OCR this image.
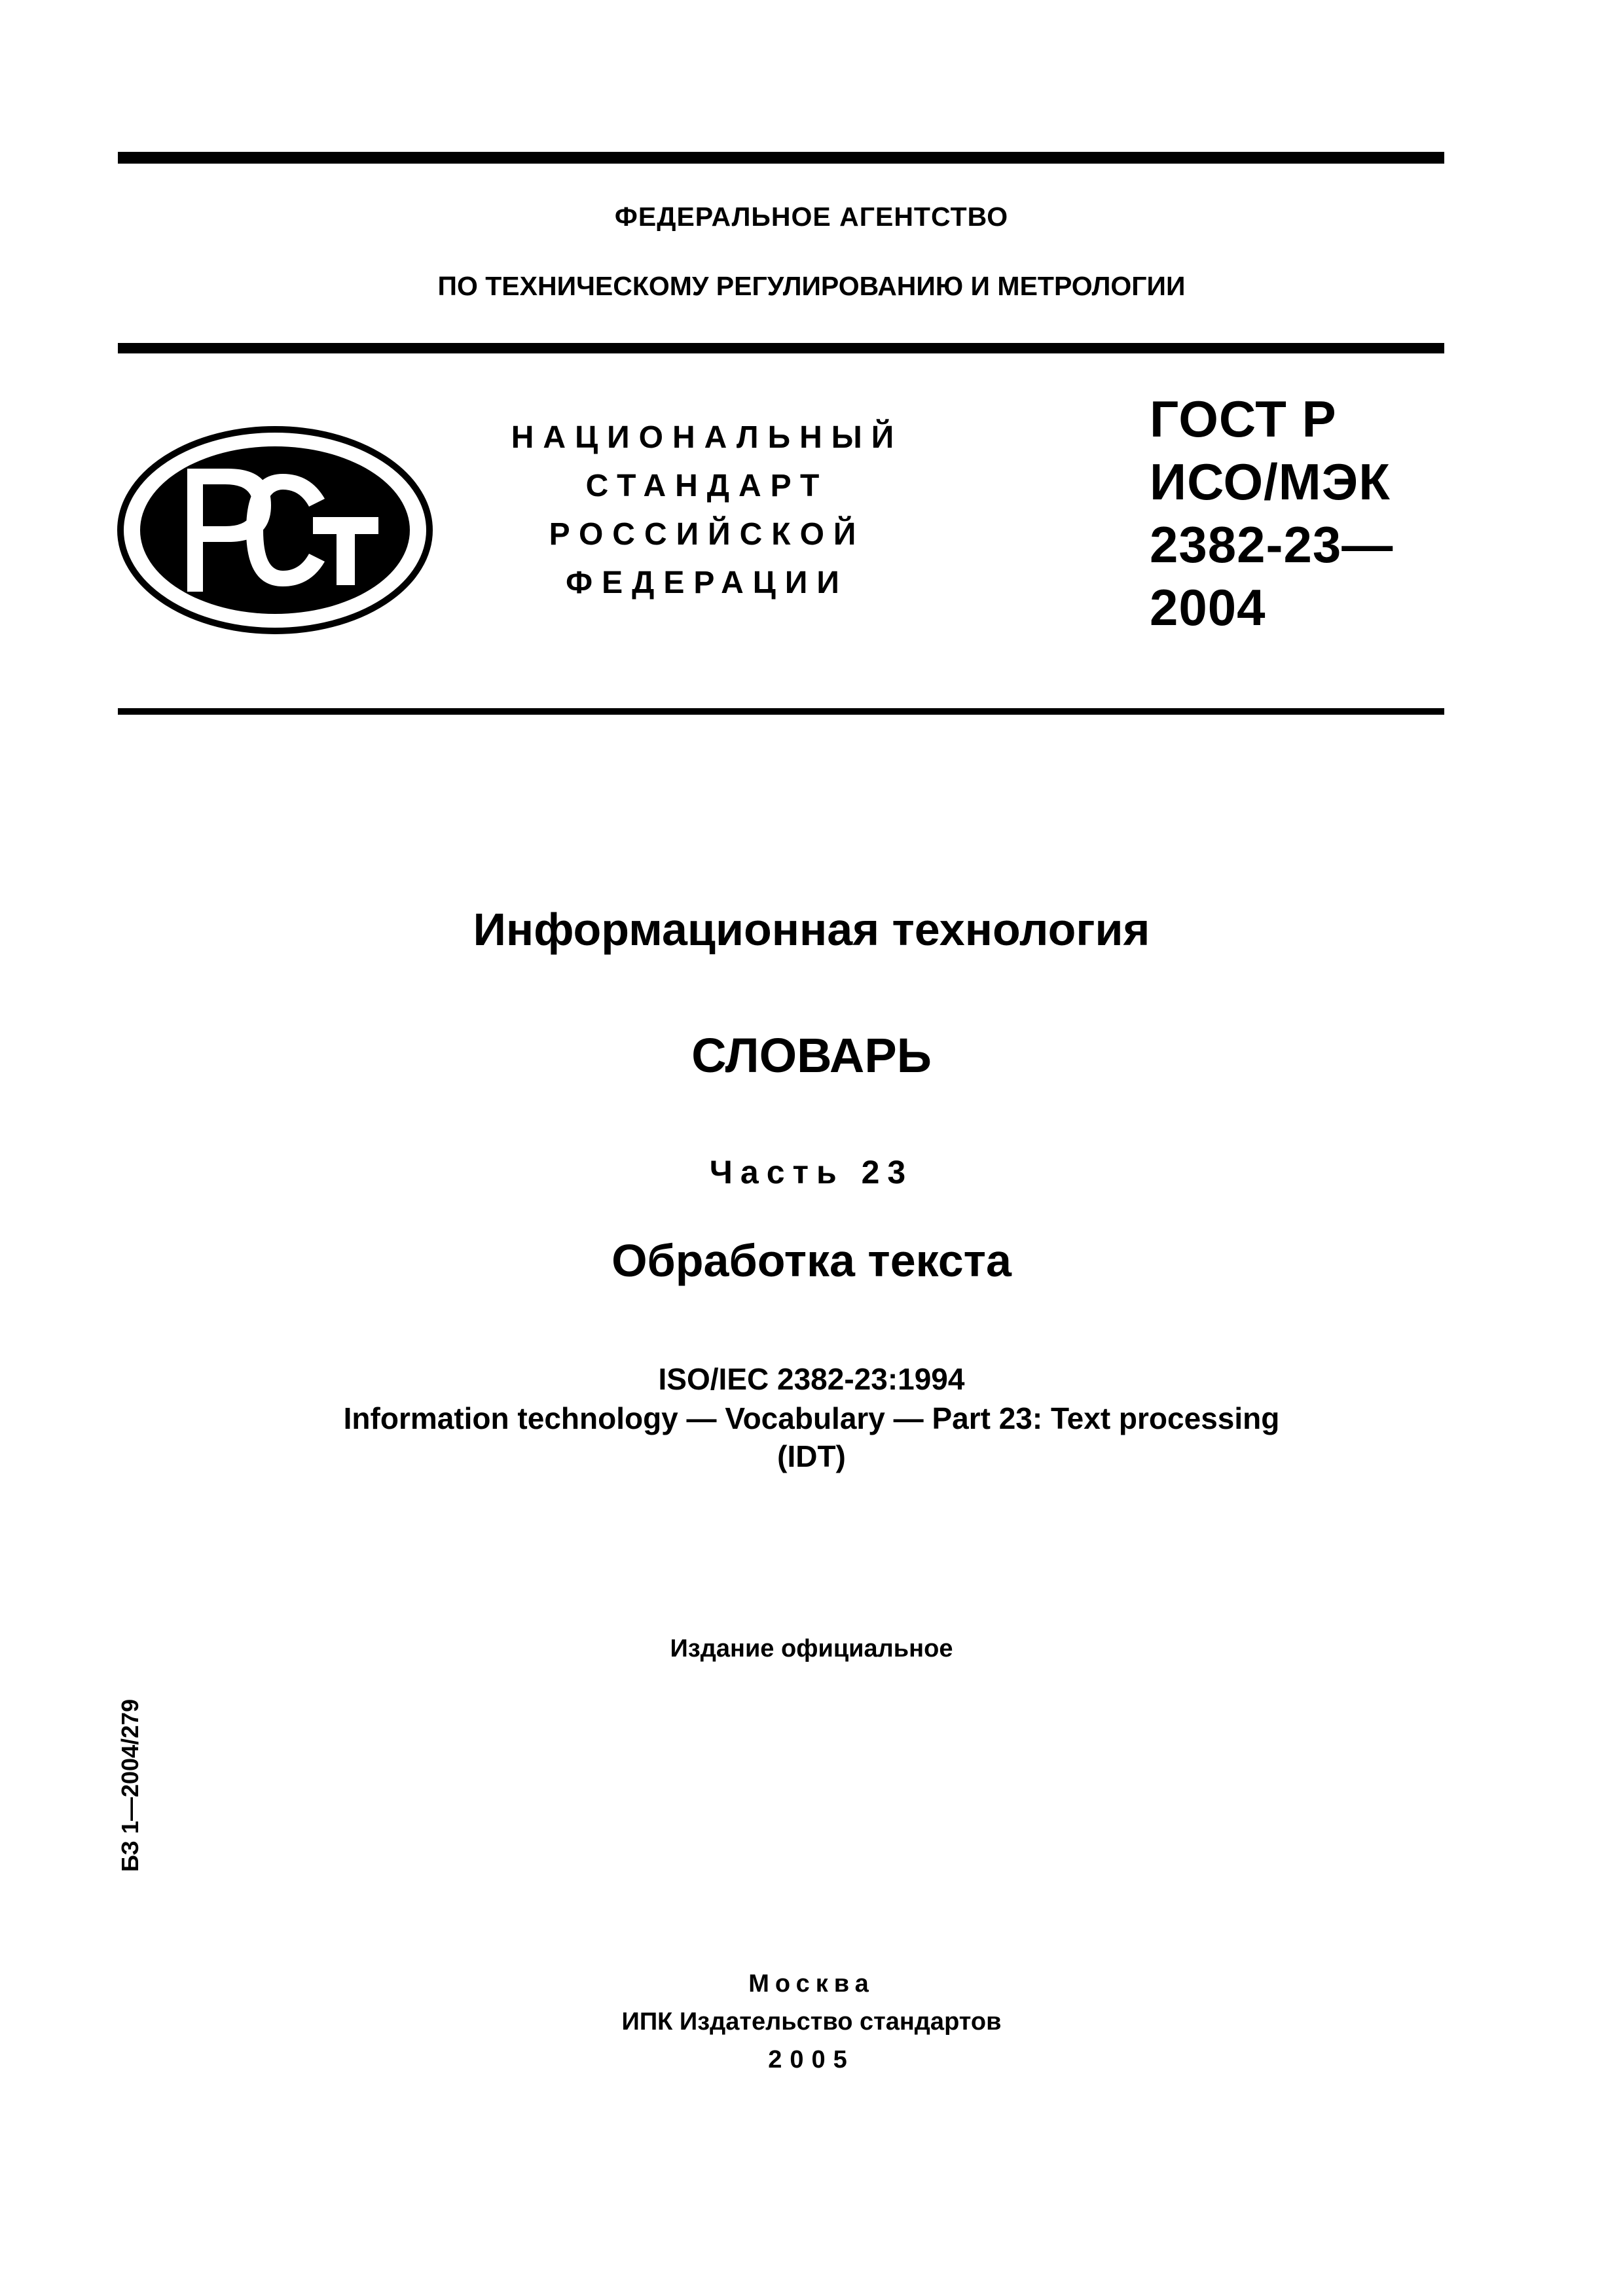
ФЕДЕРАЛЬНОЕ АГЕНТСТВО
ПО ТЕХНИЧЕСКОМУ РЕГУЛИРОВАНИЮ И МЕТРОЛОГИИ
НАЦИОНАЛЬНЫЙ
СТАНДАРТ
РОССИЙСКОЙ
ФЕДЕРАЦИИ
ГОСТ Р
ИСО/МЭК
2382-23—
2004
Информационная технология
СЛОВАРЬ
Часть 23
Обработка текста
ISO/IEC 2382-23:1994
Information technology — Vocabulary — Part 23: Text processing
(IDT)
Издание официальное
БЗ 1—2004/279
Москва
ИПК Издательство стандартов
2005
